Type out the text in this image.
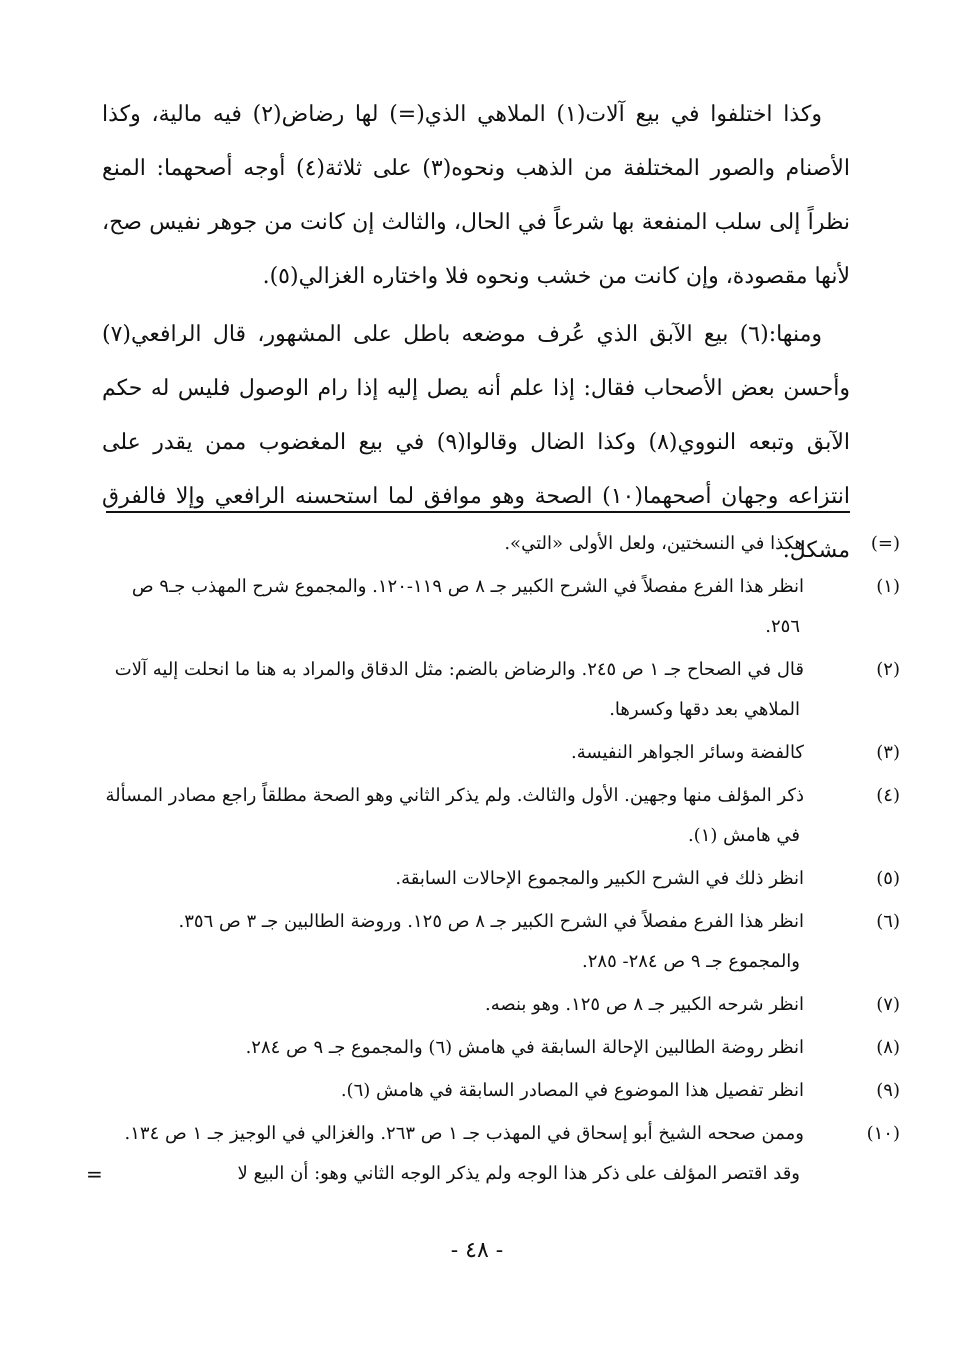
وكذا اختلفوا في بيع آلات(١) الملاهي الذي(=) لها رضاض(٢) فيه مالية، وكذا الأصنام والصور المختلفة من الذهب ونحوه(٣) على ثلاثة(٤) أوجه أصحهما: المنع نظراً إلى سلب المنفعة بها شرعاً في الحال، والثالث إن كانت من جوهر نفيس صح، لأنها مقصودة، وإن كانت من خشب ونحوه فلا واختاره الغزالي(٥).

ومنها:(٦) بيع الآبق الذي عُرف موضعه باطل على المشهور، قال الرافعي(٧) وأحسن بعض الأصحاب فقال: إذا علم أنه يصل إليه إذا رام الوصول فليس له حكم الآبق وتبعه النووي(٨) وكذا الضال وقالوا(٩) في بيع المغضوب ممن يقدر على انتزاعه وجهان أصحهما(١٠) الصحة وهو موافق لما استحسنه الرافعي وإلا فالفرق مشكل.	(=)هكذا في النسختين، ولعل الأولى «التي».

(١)انظر هذا الفرع مفصلاً في الشرح الكبير جـ ٨ ص ١١٩-١٢٠. والمجموع شرح المهذب جـ٩ ص ٢٥٦.

(٢)قال في الصحاح جـ ١ ص ٢٤٥. والرضاض بالضم: مثل الدقاق والمراد به هنا ما انحلت إليه آلات الملاهي بعد دقها وكسرها.

(٣)كالفضة وسائر الجواهر النفيسة.

(٤)ذكر المؤلف منها وجهين. الأول والثالث. ولم يذكر الثاني وهو الصحة مطلقاً راجع مصادر المسألة في هامش (١).

(٥)انظر ذلك في الشرح الكبير والمجموع الإحالات السابقة.

(٦)انظر هذا الفرع مفصلاً في الشرح الكبير جـ ٨ ص ١٢٥. وروضة الطالبين جـ ٣ ص ٣٥٦. والمجموع جـ ٩ ص ٢٨٤- ٢٨٥.

(٧)انظر شرحه الكبير جـ ٨ ص ١٢٥. وهو بنصه.

(٨)انظر روضة الطالبين الإحالة السابقة في هامش (٦) والمجموع جـ ٩ ص ٢٨٤.

(٩)انظر تفصيل هذا الموضوع في المصادر السابقة في هامش (٦).

(١٠)وممن صححه الشيخ أبو إسحاق في المهذب جـ ١ ص ٢٦٣. والغزالي في الوجيز جـ ١ ص ١٣٤. وقد اقتصر المؤلف على ذكر هذا الوجه ولم يذكر الوجه الثاني وهو: أن البيع لا

=
- ٤٨ -
